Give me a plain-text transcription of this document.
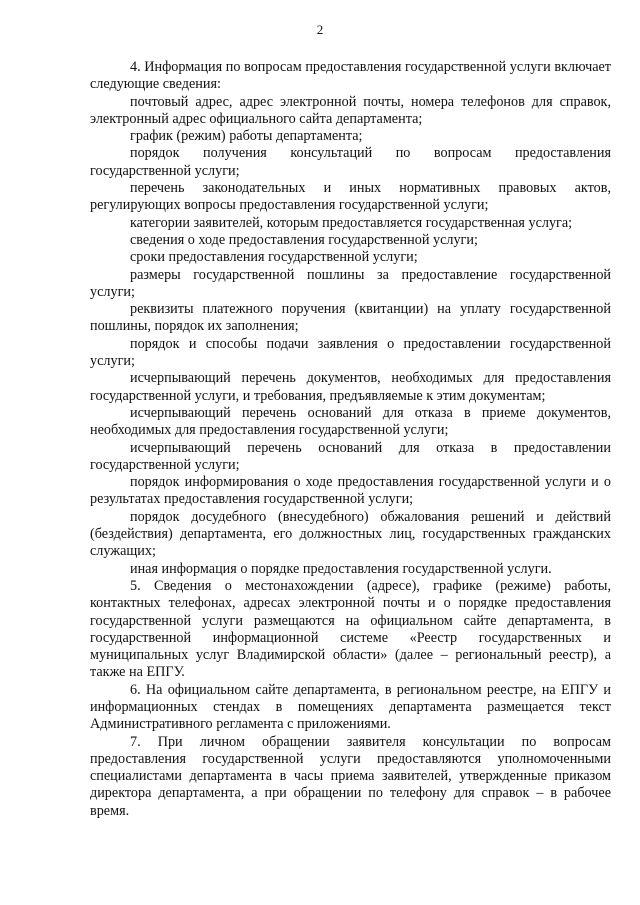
2

4. Информация по вопросам предоставления государственной услуги включает следующие сведения:

почтовый адрес, адрес электронной почты, номера телефонов для справок, электронный адрес официального сайта департамента;

график (режим) работы департамента;

порядок получения консультаций по вопросам предоставления государственной услуги;

перечень законодательных и иных нормативных правовых актов, регулирующих вопросы предоставления государственной услуги;

категории заявителей, которым предоставляется государственная услуга;

сведения о ходе предоставления государственной услуги;

сроки предоставления государственной услуги;

размеры государственной пошлины за предоставление государственной услуги;

реквизиты платежного поручения (квитанции) на уплату государственной пошлины, порядок их заполнения;

порядок и способы подачи заявления о предоставлении государственной услуги;

исчерпывающий перечень документов, необходимых для предоставления государственной услуги, и требования, предъявляемые к этим документам;

исчерпывающий перечень оснований для отказа в приеме документов, необходимых для предоставления государственной услуги;

исчерпывающий перечень оснований для отказа в предоставлении государственной услуги;

порядок информирования о ходе предоставления государственной услуги и о результатах предоставления государственной услуги;

порядок досудебного (внесудебного) обжалования решений и действий (бездействия) департамента, его должностных лиц, государственных гражданских служащих;

иная информация о порядке предоставления государственной услуги.

5. Сведения о местонахождении (адресе), графике (режиме) работы, контактных телефонах, адресах электронной почты и о порядке предоставления государственной услуги размещаются на официальном сайте департамента, в государственной информационной системе «Реестр государственных и муниципальных услуг Владимирской области» (далее – региональный реестр), а также на ЕПГУ.

6. На официальном сайте департамента, в региональном реестре, на ЕПГУ и информационных стендах в помещениях департамента размещается текст Административного регламента с приложениями.

7. При личном обращении заявителя консультации по вопросам предоставления государственной услуги предоставляются уполномоченными специалистами департамента в часы приема заявителей, утвержденные приказом директора департамента, а при обращении по телефону для справок – в рабочее время.
